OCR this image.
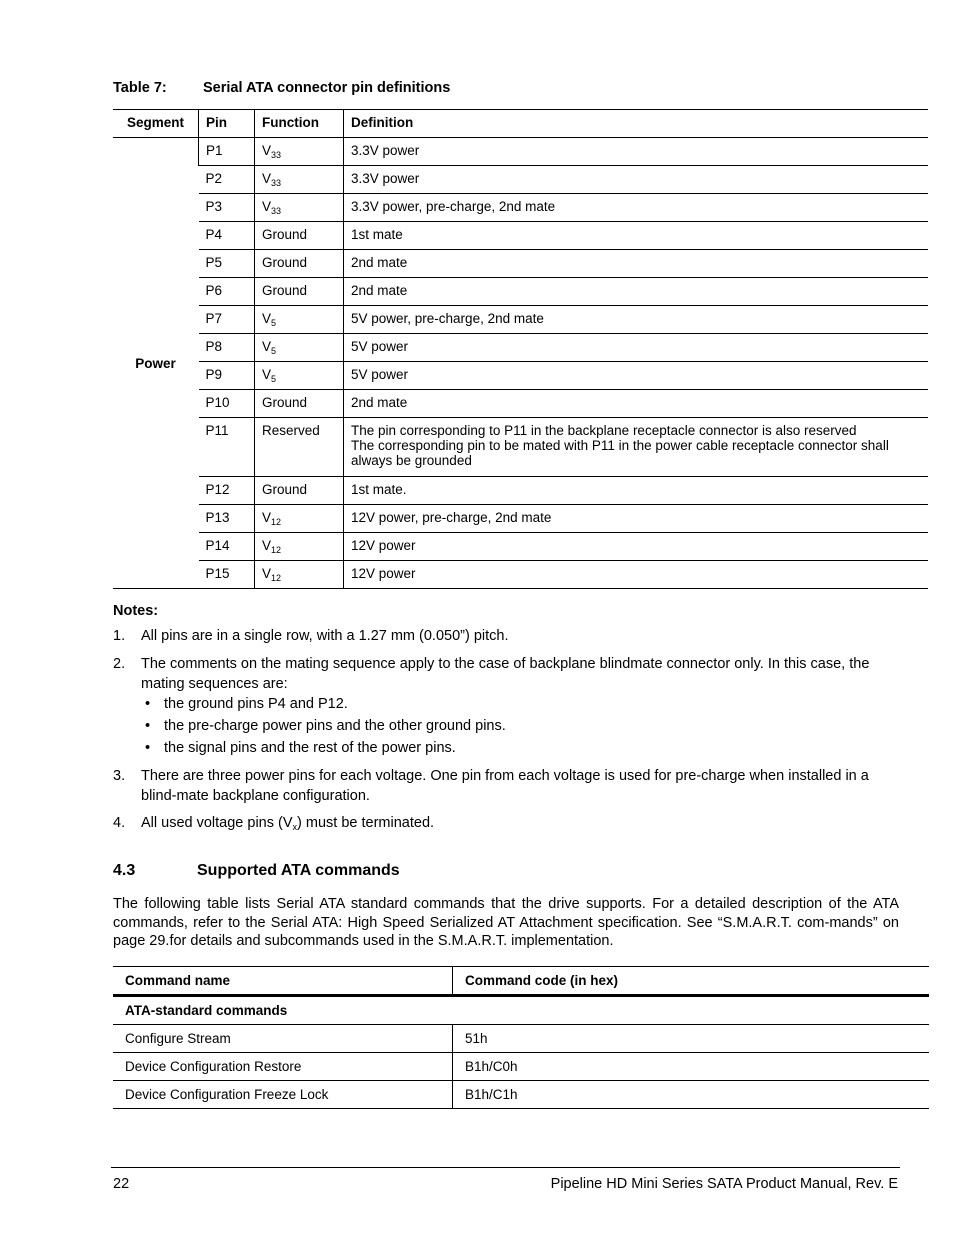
Table 7:	Serial ATA connector pin definitions
Segment	Pin	Function	Definition
Power	P1	$V_{33}$	3.3V power
	P2	$V_{33}$	3.3V power
	P3	$V_{33}$	3.3V power, pre-charge, 2nd mate
	P4	Ground	1st mate
	P5	Ground	2nd mate
	P6	Ground	2nd mate
	P7	$V_5$	5V power, pre-charge, 2nd mate
	P8	$V_5$	5V power
	P9	$V_5$	5V power
	P10	Ground	2nd mate
	P11	Reserved	The pin corresponding to P11 in the backplane receptacle connector is also reserved
The corresponding pin to be mated with P11 in the power cable receptacle connector shall always be grounded

	P12	Ground	1st mate.
	P13	$V_{12}$	12V power, pre-charge, 2nd mate
	P14	$V_{12}$	12V power
	P15	$V_{12}$	12V power
Notes:
1. All pins are in a single row, with a 1.27 mm (0.050”) pitch.
2. The comments on the mating sequence apply to the case of backplane blindmate connector only. In this case, the mating sequences are:
• the ground pins P4 and P12.
• the pre-charge power pins and the other ground pins.
• the signal pins and the rest of the power pins.
3. There are three power pins for each voltage. One pin from each voltage is used for pre-charge when installed in a blind-mate backplane configuration.
4. All used voltage pins $(V_x)$ must be terminated.
4.3	Supported ATA commands
The following table lists Serial ATA standard commands that the drive supports. For a detailed description of the ATA commands, refer to the Serial ATA: High Speed Serialized AT Attachment specification. See “S.M.A.R.T. com-mands” on page 29.for details and subcommands used in the S.M.A.R.T. implementation.
Command name	Command code (in hex)
ATA-standard commands	
Configure Stream	51h
Device Configuration Restore	B1h/C0h
Device Configuration Freeze Lock	B1h/C1h
22	Pipeline HD Mini Series SATA Product Manual, Rev. E
